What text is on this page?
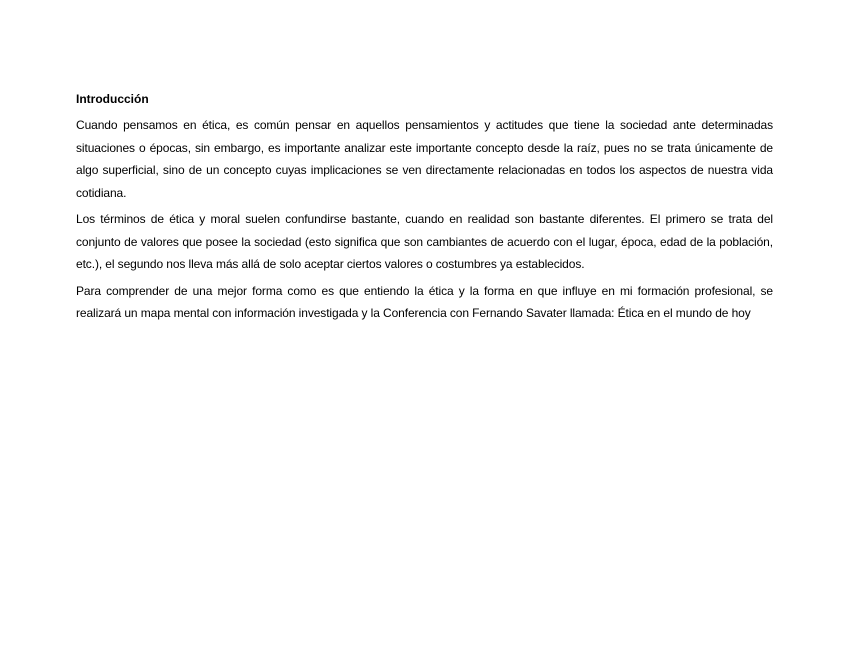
Introducción

Cuando pensamos en ética, es común pensar en aquellos pensamientos y actitudes que tiene la sociedad ante determinadas situaciones o épocas, sin embargo, es importante analizar este importante concepto desde la raíz, pues no se trata únicamente de algo superficial, sino de un concepto cuyas implicaciones se ven directamente relacionadas en todos los aspectos de nuestra vida cotidiana.

Los términos de ética y moral suelen confundirse bastante, cuando en realidad son bastante diferentes. El primero se trata del conjunto de valores que posee la sociedad (esto significa que son cambiantes de acuerdo con el lugar, época, edad de la población, etc.), el segundo nos lleva más allá de solo aceptar ciertos valores o costumbres ya establecidos.

Para comprender de una mejor forma como es que entiendo la ética y la forma en que influye en mi formación profesional, se realizará un mapa mental con información investigada y la Conferencia con Fernando Savater llamada: Ética en el mundo de hoy
